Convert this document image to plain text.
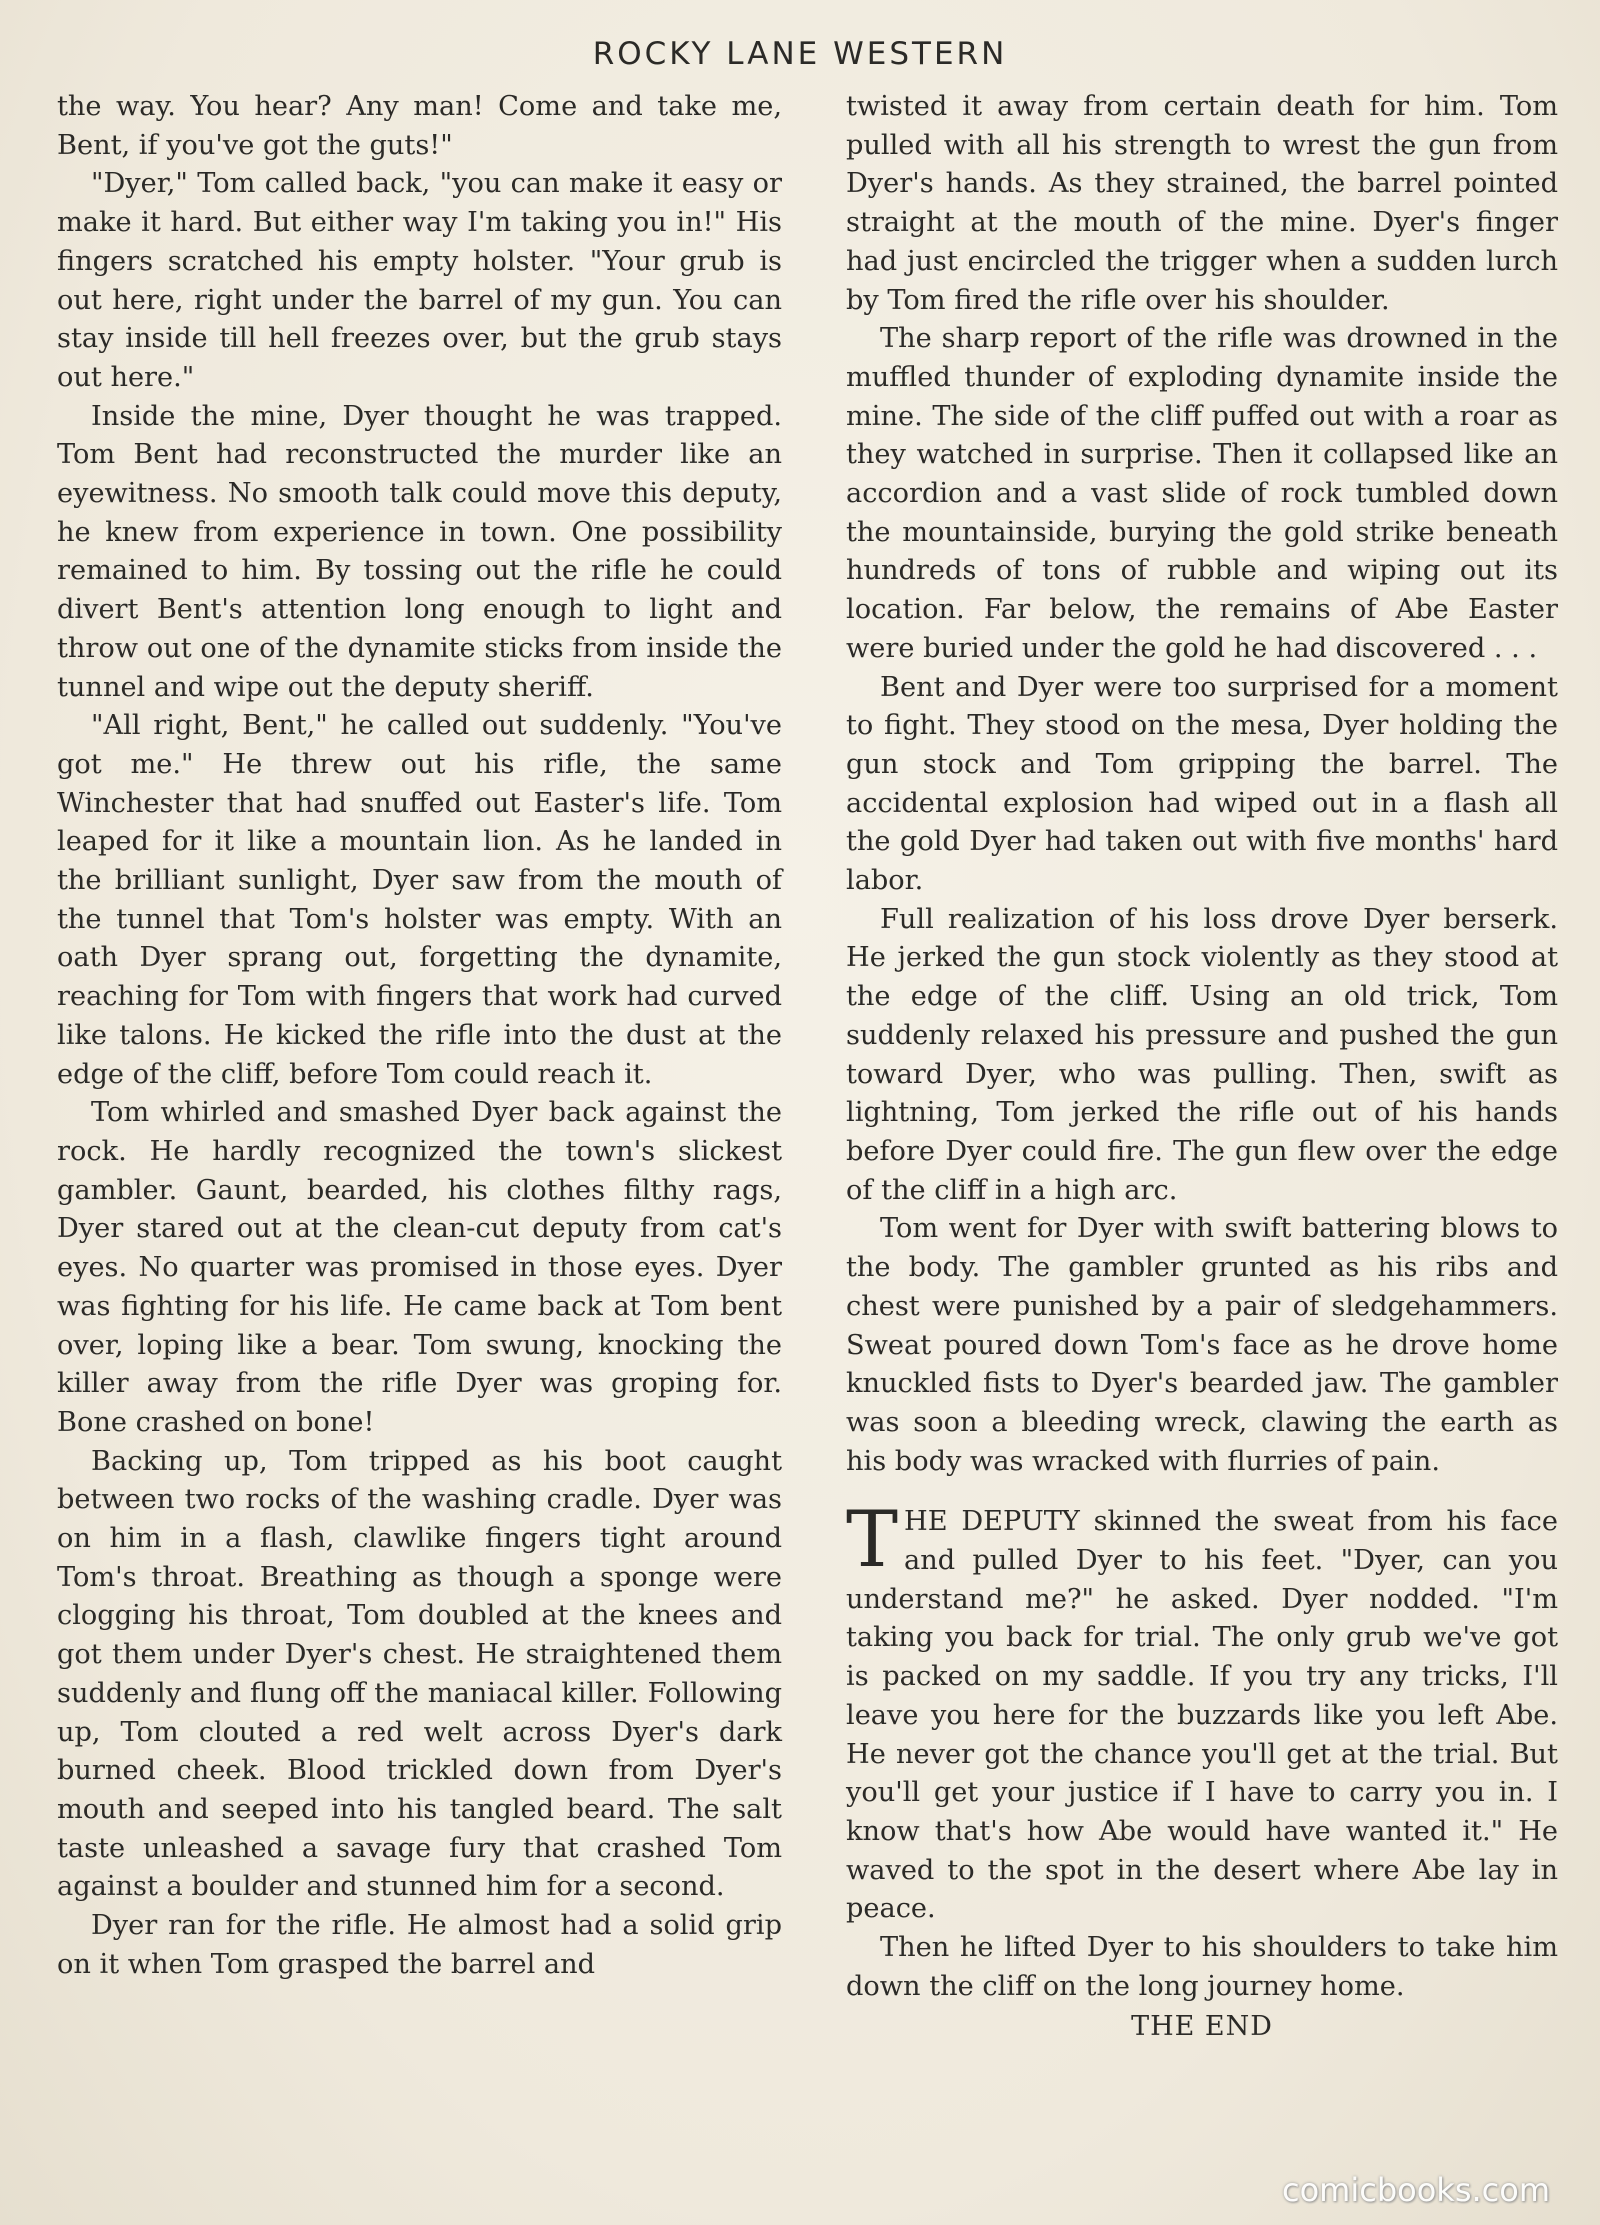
ROCKY LANE WESTERN

the way. You hear? Any man! Come and take me, Bent, if you've got the guts!"

"Dyer," Tom called back, "you can make it easy or make it hard. But either way I'm taking you in!" His fingers scratched his empty holster. "Your grub is out here, right under the barrel of my gun. You can stay inside till hell freezes over, but the grub stays out here."

Inside the mine, Dyer thought he was trapped. Tom Bent had reconstructed the murder like an eyewitness. No smooth talk could move this deputy, he knew from experience in town. One possibility remained to him. By tossing out the rifle he could divert Bent's attention long enough to light and throw out one of the dynamite sticks from inside the tunnel and wipe out the deputy sheriff.

"All right, Bent," he called out suddenly. "You've got me." He threw out his rifle, the same Winchester that had snuffed out Easter's life. Tom leaped for it like a mountain lion. As he landed in the brilliant sunlight, Dyer saw from the mouth of the tunnel that Tom's holster was empty. With an oath Dyer sprang out, forgetting the dynamite, reaching for Tom with fingers that work had curved like talons. He kicked the rifle into the dust at the edge of the cliff, before Tom could reach it.

Tom whirled and smashed Dyer back against the rock. He hardly recognized the town's slickest gambler. Gaunt, bearded, his clothes filthy rags, Dyer stared out at the clean-cut deputy from cat's eyes. No quarter was promised in those eyes. Dyer was fighting for his life. He came back at Tom bent over, loping like a bear. Tom swung, knocking the killer away from the rifle Dyer was groping for. Bone crashed on bone!

Backing up, Tom tripped as his boot caught between two rocks of the washing cradle. Dyer was on him in a flash, clawlike fingers tight around Tom's throat. Breathing as though a sponge were clogging his throat, Tom doubled at the knees and got them under Dyer's chest. He straightened them suddenly and flung off the maniacal killer. Following up, Tom clouted a red welt across Dyer's dark burned cheek. Blood trickled down from Dyer's mouth and seeped into his tangled beard. The salt taste unleashed a savage fury that crashed Tom against a boulder and stunned him for a second.

Dyer ran for the rifle. He almost had a solid grip on it when Tom grasped the barrel and

twisted it away from certain death for him. Tom pulled with all his strength to wrest the gun from Dyer's hands. As they strained, the barrel pointed straight at the mouth of the mine. Dyer's finger had just encircled the trigger when a sudden lurch by Tom fired the rifle over his shoulder.

The sharp report of the rifle was drowned in the muffled thunder of exploding dynamite inside the mine. The side of the cliff puffed out with a roar as they watched in surprise. Then it collapsed like an accordion and a vast slide of rock tumbled down the mountainside, burying the gold strike beneath hundreds of tons of rubble and wiping out its location. Far below, the remains of Abe Easter were buried under the gold he had discovered . . .

Bent and Dyer were too surprised for a moment to fight. They stood on the mesa, Dyer holding the gun stock and Tom gripping the barrel. The accidental explosion had wiped out in a flash all the gold Dyer had taken out with five months' hard labor.

Full realization of his loss drove Dyer berserk. He jerked the gun stock violently as they stood at the edge of the cliff. Using an old trick, Tom suddenly relaxed his pressure and pushed the gun toward Dyer, who was pulling. Then, swift as lightning, Tom jerked the rifle out of his hands before Dyer could fire. The gun flew over the edge of the cliff in a high arc.

Tom went for Dyer with swift battering blows to the body. The gambler grunted as his ribs and chest were punished by a pair of sledgehammers. Sweat poured down Tom's face as he drove home knuckled fists to Dyer's bearded jaw. The gambler was soon a bleeding wreck, clawing the earth as his body was wracked with flurries of pain.

T HE DEPUTY skinned the sweat from his face and pulled Dyer to his feet. "Dyer, can you understand me?" he asked. Dyer nodded. "I'm taking you back for trial. The only grub we've got is packed on my saddle. If you try any tricks, I'll leave you here for the buzzards like you left Abe. He never got the chance you'll get at the trial. But you'll get your justice if I have to carry you in. I know that's how Abe would have wanted it." He waved to the spot in the desert where Abe lay in peace.

Then he lifted Dyer to his shoulders to take him down the cliff on the long journey home.

THE END
comicbooks.com
